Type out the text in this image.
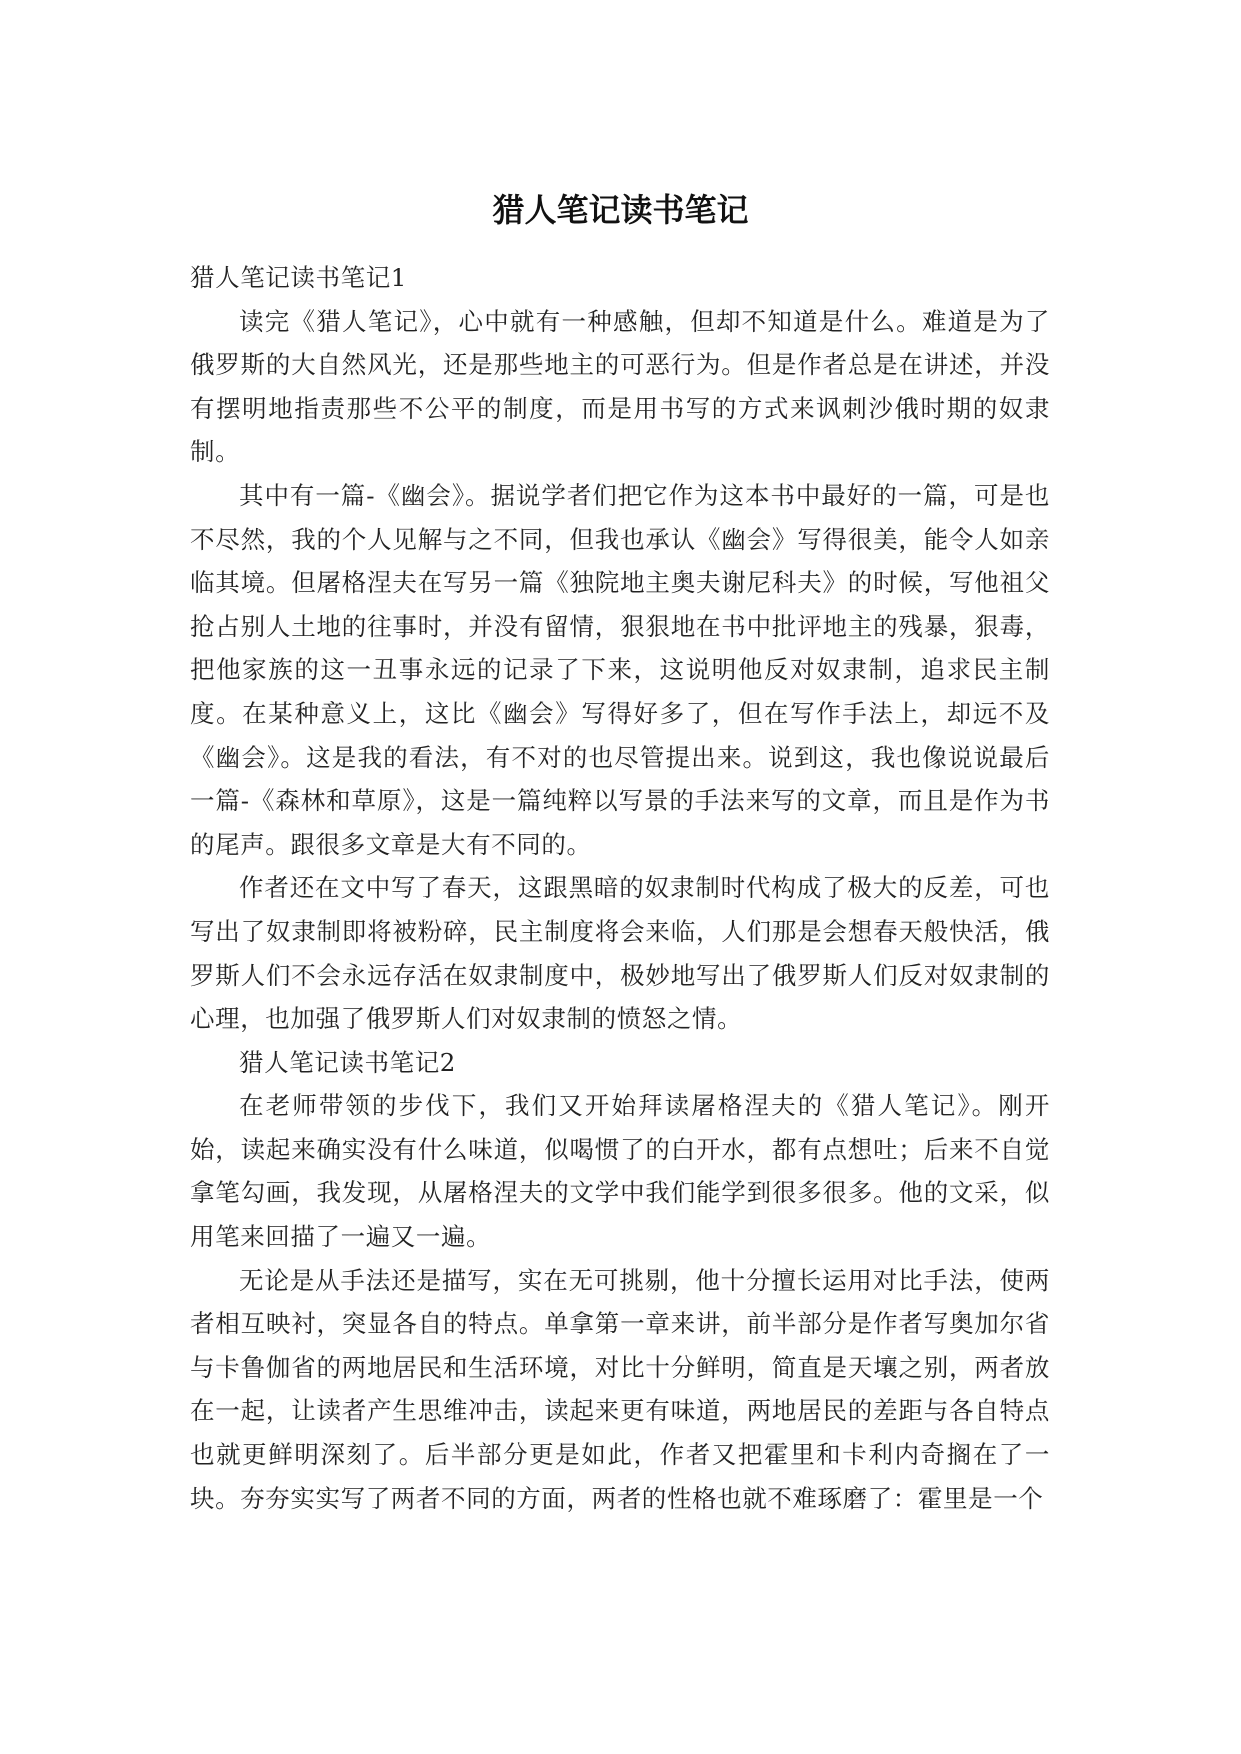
猎人笔记读书笔记

猎人笔记读书笔记1

读完《猎人笔记》，心中就有一种感触，但却不知道是什么。难道是为了俄罗斯的大自然风光，还是那些地主的可恶行为。但是作者总是在讲述，并没有摆明地指责那些不公平的制度，而是用书写的方式来讽刺沙俄时期的奴隶制。

其中有一篇-《幽会》。据说学者们把它作为这本书中最好的一篇，可是也不尽然，我的个人见解与之不同，但我也承认《幽会》写得很美，能令人如亲临其境。但屠格涅夫在写另一篇《独院地主奥夫谢尼科夫》的时候，写他祖父抢占别人土地的往事时，并没有留情，狠狠地在书中批评地主的残暴，狠毒，把他家族的这一丑事永远的记录了下来，这说明他反对奴隶制，追求民主制度。在某种意义上，这比《幽会》写得好多了，但在写作手法上，却远不及《幽会》。这是我的看法，有不对的也尽管提出来。说到这，我也像说说最后一篇-《森林和草原》，这是一篇纯粹以写景的手法来写的文章，而且是作为书的尾声。跟很多文章是大有不同的。

作者还在文中写了春天，这跟黑暗的奴隶制时代构成了极大的反差，可也写出了奴隶制即将被粉碎，民主制度将会来临，人们那是会想春天般快活，俄罗斯人们不会永远存活在奴隶制度中，极妙地写出了俄罗斯人们反对奴隶制的心理，也加强了俄罗斯人们对奴隶制的愤怒之情。

猎人笔记读书笔记2

在老师带领的步伐下，我们又开始拜读屠格涅夫的《猎人笔记》。刚开始，读起来确实没有什么味道，似喝惯了的白开水，都有点想吐；后来不自觉拿笔勾画，我发现，从屠格涅夫的文学中我们能学到很多很多。他的文采，似用笔来回描了一遍又一遍。

无论是从手法还是描写，实在无可挑剔，他十分擅长运用对比手法，使两者相互映衬，突显各自的特点。单拿第一章来讲，前半部分是作者写奥加尔省与卡鲁伽省的两地居民和生活环境，对比十分鲜明，简直是天壤之别，两者放在一起，让读者产生思维冲击，读起来更有味道，两地居民的差距与各自特点也就更鲜明深刻了。后半部分更是如此，作者又把霍里和卡利内奇搁在了一块。夯夯实实写了两者不同的方面，两者的性格也就不难琢磨了：霍里是一个
